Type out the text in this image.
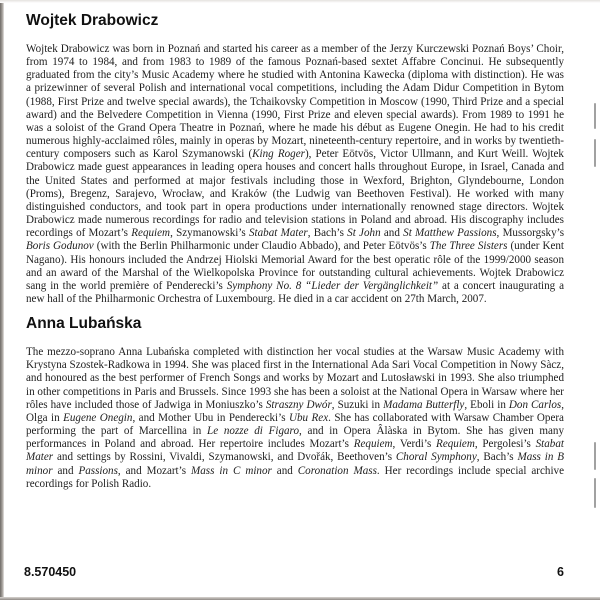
Wojtek Drabowicz

Wojtek Drabowicz was born in Poznań and started his career as a member of the Jerzy Kurczewski Poznań Boys’ Choir, from 1974 to 1984, and from 1983 to 1989 of the famous Poznań-based sextet Affabre Concinui. He subsequently graduated from the city’s Music Academy where he studied with Antonina Kawecka (diploma with distinction). He was a prizewinner of several Polish and international vocal competitions, including the Adam Didur Competition in Bytom (1988, First Prize and twelve special awards), the Tchaikovsky Competition in Moscow (1990, Third Prize and a special award) and the Belvedere Competition in Vienna (1990, First Prize and eleven special awards). From 1989 to 1991 he was a soloist of the Grand Opera Theatre in Poznań, where he made his début as Eugene Onegin. He had to his credit numerous highly-acclaimed rôles, mainly in operas by Mozart, nineteenth-century repertoire, and in works by twentieth-century composers such as Karol Szymanowski (King Roger), Peter Eötvös, Victor Ullmann, and Kurt Weill. Wojtek Drabowicz made guest appearances in leading opera houses and concert halls throughout Europe, in Israel, Canada and the United States and performed at major festivals including those in Wexford, Brighton, Glyndebourne, London (Proms), Bregenz, Sarajevo, Wrocław, and Kraków (the Ludwig van Beethoven Festival). He worked with many distinguished conductors, and took part in opera productions under internationally renowned stage directors. Wojtek Drabowicz made numerous recordings for radio and television stations in Poland and abroad. His discography includes recordings of Mozart’s Requiem, Szymanowski’s Stabat Mater, Bach’s St John and St Matthew Passions, Mussorgsky’s Boris Godunov (with the Berlin Philharmonic under Claudio Abbado), and Peter Eötvös’s The Three Sisters (under Kent Nagano). His honours included the Andrzej Hiolski Memorial Award for the best operatic rôle of the 1999/2000 season and an award of the Marshal of the Wielkopolska Province for outstanding cultural achievements. Wojtek Drabowicz sang in the world première of Penderecki’s Symphony No. 8 “Lieder der Vergänglichkeit” at a concert inaugurating a new hall of the Philharmonic Orchestra of Luxembourg. He died in a car accident on 27th March, 2007.

Anna Lubańska

The mezzo-soprano Anna Lubańska completed with distinction her vocal studies at the Warsaw Music Academy with Krystyna Szostek-Radkowa in 1994. She was placed first in the International Ada Sari Vocal Competition in Nowy Sàcz, and honoured as the best performer of French Songs and works by Mozart and Lutosławski in 1993. She also triumphed in other competitions in Paris and Brussels. Since 1993 she has been a soloist at the National Opera in Warsaw where her rôles have included those of Jadwiga in Moniuszko’s Straszny Dwór, Suzuki in Madama Butterfly, Eboli in Don Carlos, Olga in Eugene Onegin, and Mother Ubu in Penderecki’s Ubu Rex. She has collaborated with Warsaw Chamber Opera performing the part of Marcellina in Le nozze di Figaro, and in Opera Âlàska in Bytom. She has given many performances in Poland and abroad. Her repertoire includes Mozart’s Requiem, Verdi’s Requiem, Pergolesi’s Stabat Mater and settings by Rossini, Vivaldi, Szymanowski, and Dvořák, Beethoven’s Choral Symphony, Bach’s Mass in B minor and Passions, and Mozart’s Mass in C minor and Coronation Mass. Her recordings include special archive recordings for Polish Radio.

8.570450	6
